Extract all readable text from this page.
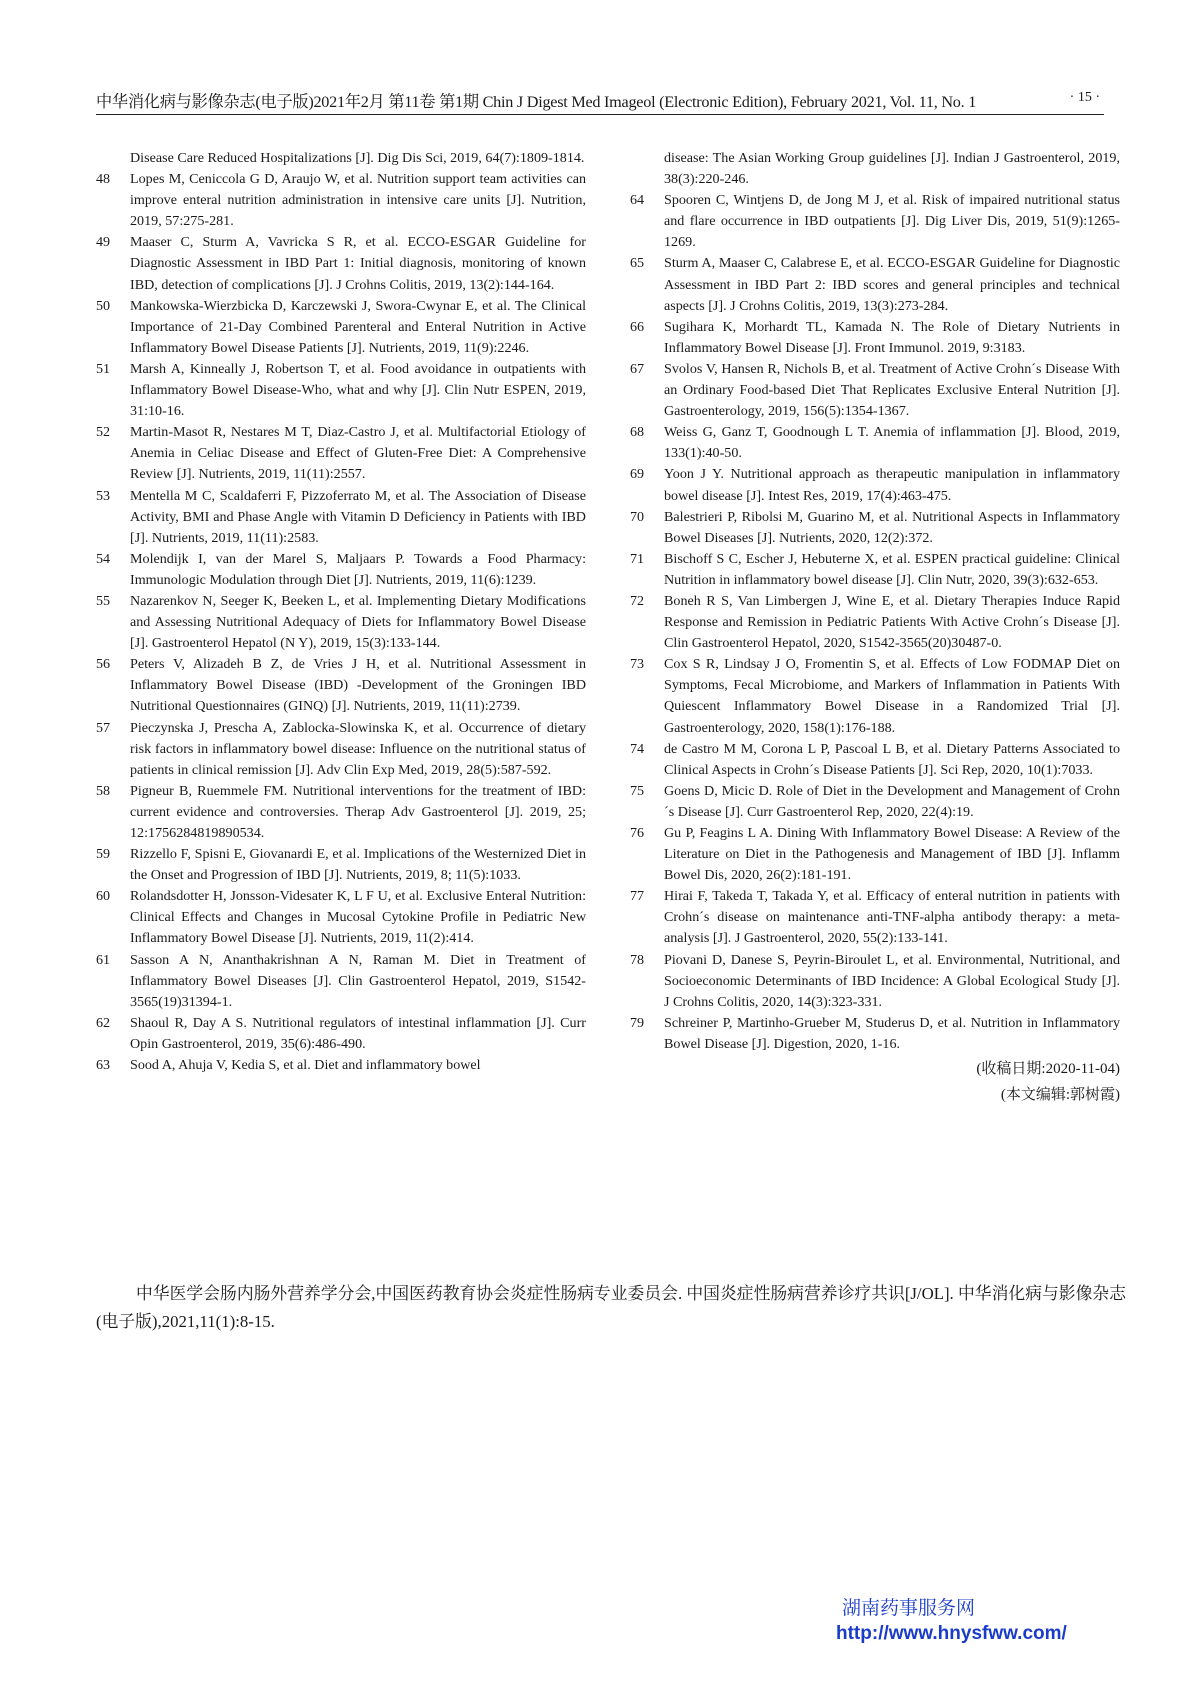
中华消化病与影像杂志(电子版)2021年2月 第11卷 第1期 Chin J Digest Med Imageol (Electronic Edition), February 2021, Vol. 11, No. 1	· 15 ·
Disease Care Reduced Hospitalizations [J]. Dig Dis Sci, 2019, 64(7):1809-1814.
48	Lopes M, Ceniccola G D, Araujo W, et al. Nutrition support team activities can improve enteral nutrition administration in intensive care units [J]. Nutrition, 2019, 57:275-281.
49	Maaser C, Sturm A, Vavricka S R, et al. ECCO-ESGAR Guideline for Diagnostic Assessment in IBD Part 1: Initial diagnosis, monitoring of known IBD, detection of complications [J]. J Crohns Colitis, 2019, 13(2):144-164.
50	Mankowska-Wierzbicka D, Karczewski J, Swora-Cwynar E, et al. The Clinical Importance of 21-Day Combined Parenteral and Enteral Nutrition in Active Inflammatory Bowel Disease Patients [J]. Nutrients, 2019, 11(9):2246.
51	Marsh A, Kinneally J, Robertson T, et al. Food avoidance in outpatients with Inflammatory Bowel Disease-Who, what and why [J]. Clin Nutr ESPEN, 2019, 31:10-16.
52	Martin-Masot R, Nestares M T, Diaz-Castro J, et al. Multifactorial Etiology of Anemia in Celiac Disease and Effect of Gluten-Free Diet: A Comprehensive Review [J]. Nutrients, 2019, 11(11):2557.
53	Mentella M C, Scaldaferri F, Pizzoferrato M, et al. The Association of Disease Activity, BMI and Phase Angle with Vitamin D Deficiency in Patients with IBD [J]. Nutrients, 2019, 11(11):2583.
54	Molendijk I, van der Marel S, Maljaars P. Towards a Food Pharmacy: Immunologic Modulation through Diet [J]. Nutrients, 2019, 11(6):1239.
55	Nazarenkov N, Seeger K, Beeken L, et al. Implementing Dietary Modifications and Assessing Nutritional Adequacy of Diets for Inflammatory Bowel Disease [J]. Gastroenterol Hepatol (N Y), 2019, 15(3):133-144.
56	Peters V, Alizadeh B Z, de Vries J H, et al. Nutritional Assessment in Inflammatory Bowel Disease (IBD) -Development of the Groningen IBD Nutritional Questionnaires (GINQ) [J]. Nutrients, 2019, 11(11):2739.
57	Pieczynska J, Prescha A, Zablocka-Slowinska K, et al. Occurrence of dietary risk factors in inflammatory bowel disease: Influence on the nutritional status of patients in clinical remission [J]. Adv Clin Exp Med, 2019, 28(5):587-592.
58	Pigneur B, Ruemmele FM. Nutritional interventions for the treatment of IBD: current evidence and controversies. Therap Adv Gastroenterol [J]. 2019, 25; 12:1756284819890534.
59	Rizzello F, Spisni E, Giovanardi E, et al. Implications of the Westernized Diet in the Onset and Progression of IBD [J]. Nutrients, 2019, 8; 11(5):1033.
60	Rolandsdotter H, Jonsson-Videsater K, L F U, et al. Exclusive Enteral Nutrition: Clinical Effects and Changes in Mucosal Cytokine Profile in Pediatric New Inflammatory Bowel Disease [J]. Nutrients, 2019, 11(2):414.
61	Sasson A N, Ananthakrishnan A N, Raman M. Diet in Treatment of Inflammatory Bowel Diseases [J]. Clin Gastroenterol Hepatol, 2019, S1542-3565(19)31394-1.
62	Shaoul R, Day A S. Nutritional regulators of intestinal inflammation [J]. Curr Opin Gastroenterol, 2019, 35(6):486-490.
63	Sood A, Ahuja V, Kedia S, et al. Diet and inflammatory bowel
disease: The Asian Working Group guidelines [J]. Indian J Gastroenterol, 2019, 38(3):220-246.
64	Spooren C, Wintjens D, de Jong M J, et al. Risk of impaired nutritional status and flare occurrence in IBD outpatients [J]. Dig Liver Dis, 2019, 51(9):1265-1269.
65	Sturm A, Maaser C, Calabrese E, et al. ECCO-ESGAR Guideline for Diagnostic Assessment in IBD Part 2: IBD scores and general principles and technical aspects [J]. J Crohns Colitis, 2019, 13(3):273-284.
66	Sugihara K, Morhardt TL, Kamada N. The Role of Dietary Nutrients in Inflammatory Bowel Disease [J]. Front Immunol. 2019, 9:3183.
67	Svolos V, Hansen R, Nichols B, et al. Treatment of Active Crohn´s Disease With an Ordinary Food-based Diet That Replicates Exclusive Enteral Nutrition [J]. Gastroenterology, 2019, 156(5):1354-1367.
68	Weiss G, Ganz T, Goodnough L T. Anemia of inflammation [J]. Blood, 2019, 133(1):40-50.
69	Yoon J Y. Nutritional approach as therapeutic manipulation in inflammatory bowel disease [J]. Intest Res, 2019, 17(4):463-475.
70	Balestrieri P, Ribolsi M, Guarino M, et al. Nutritional Aspects in Inflammatory Bowel Diseases [J]. Nutrients, 2020, 12(2):372.
71	Bischoff S C, Escher J, Hebuterne X, et al. ESPEN practical guideline: Clinical Nutrition in inflammatory bowel disease [J]. Clin Nutr, 2020, 39(3):632-653.
72	Boneh R S, Van Limbergen J, Wine E, et al. Dietary Therapies Induce Rapid Response and Remission in Pediatric Patients With Active Crohn´s Disease [J]. Clin Gastroenterol Hepatol, 2020, S1542-3565(20)30487-0.
73	Cox S R, Lindsay J O, Fromentin S, et al. Effects of Low FODMAP Diet on Symptoms, Fecal Microbiome, and Markers of Inflammation in Patients With Quiescent Inflammatory Bowel Disease in a Randomized Trial [J]. Gastroenterology, 2020, 158(1):176-188.
74	de Castro M M, Corona L P, Pascoal L B, et al. Dietary Patterns Associated to Clinical Aspects in Crohn´s Disease Patients [J]. Sci Rep, 2020, 10(1):7033.
75	Goens D, Micic D. Role of Diet in the Development and Management of Crohn´s Disease [J]. Curr Gastroenterol Rep, 2020, 22(4):19.
76	Gu P, Feagins L A. Dining With Inflammatory Bowel Disease: A Review of the Literature on Diet in the Pathogenesis and Management of IBD [J]. Inflamm Bowel Dis, 2020, 26(2):181-191.
77	Hirai F, Takeda T, Takada Y, et al. Efficacy of enteral nutrition in patients with Crohn´s disease on maintenance anti-TNF-alpha antibody therapy: a meta-analysis [J]. J Gastroenterol, 2020, 55(2):133-141.
78	Piovani D, Danese S, Peyrin-Biroulet L, et al. Environmental, Nutritional, and Socioeconomic Determinants of IBD Incidence: A Global Ecological Study [J]. J Crohns Colitis, 2020, 14(3):323-331.
79	Schreiner P, Martinho-Grueber M, Studerus D, et al. Nutrition in Inflammatory Bowel Disease [J]. Digestion, 2020, 1-16.
(收稿日期:2020-11-04)
(本文编辑:郭树霞)
中华医学会肠内肠外营养学分会,中国医药教育协会炎症性肠病专业委员会. 中国炎症性肠病营养诊疗共识[J/OL]. 中华消化病与影像杂志(电子版),2021,11(1):8-15.
湖南药事服务网
http://www.hnysfww.com/
